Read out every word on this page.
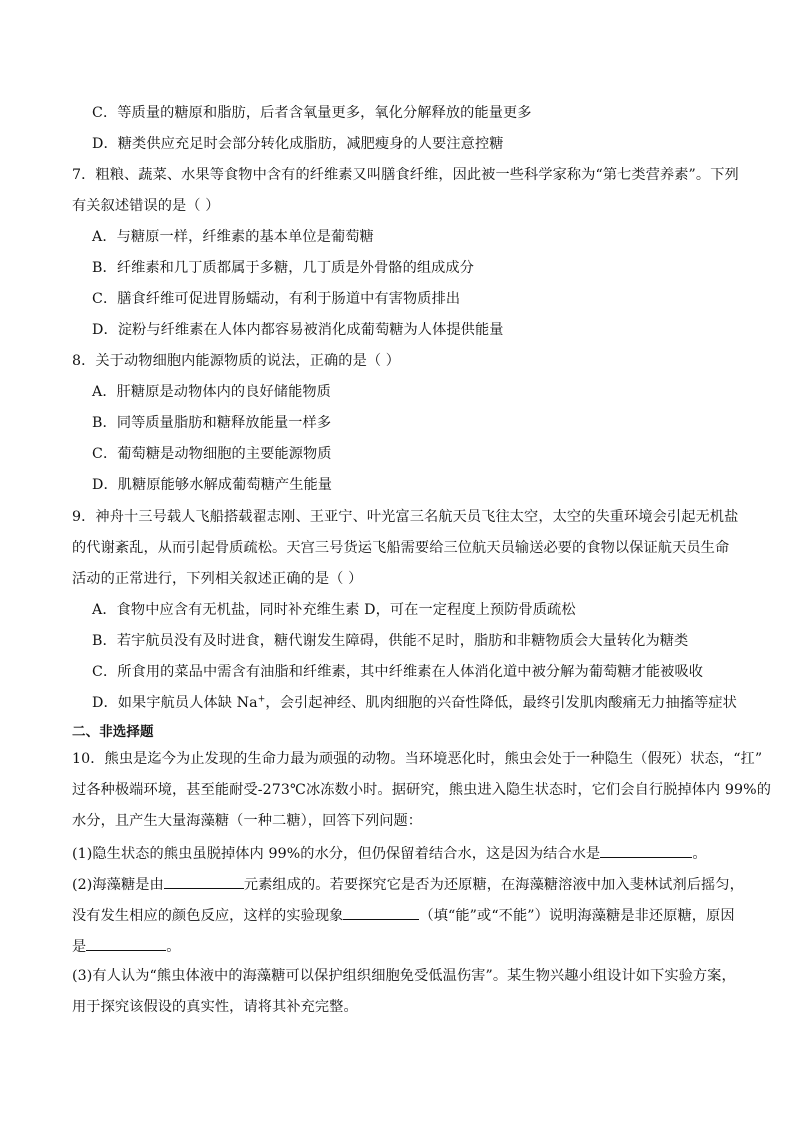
C．等质量的糖原和脂肪，后者含氧量更多，氧化分解释放的能量更多
D．糖类供应充足时会部分转化成脂肪，减肥瘦身的人要注意控糖
7．粗粮、蔬菜、水果等食物中含有的纤维素又叫膳食纤维，因此被一些科学家称为“第七类营养素”。下列
有关叙述错误的是（ ）
A．与糖原一样，纤维素的基本单位是葡萄糖
B．纤维素和几丁质都属于多糖，几丁质是外骨骼的组成成分
C．膳食纤维可促进胃肠蠕动，有利于肠道中有害物质排出
D．淀粉与纤维素在人体内都容易被消化成葡萄糖为人体提供能量
8．关于动物细胞内能源物质的说法，正确的是（ ）
A．肝糖原是动物体内的良好储能物质
B．同等质量脂肪和糖释放能量一样多
C．葡萄糖是动物细胞的主要能源物质
D．肌糖原能够水解成葡萄糖产生能量
9．神舟十三号载人飞船搭载翟志刚、王亚宁、叶光富三名航天员飞往太空，太空的失重环境会引起无机盐
的代谢紊乱，从而引起骨质疏松。天宫三号货运飞船需要给三位航天员输送必要的食物以保证航天员生命
活动的正常进行，下列相关叙述正确的是（ ）
A．食物中应含有无机盐，同时补充维生素 D，可在一定程度上预防骨质疏松
B．若宇航员没有及时进食，糖代谢发生障碍，供能不足时，脂肪和非糖物质会大量转化为糖类
C．所食用的菜品中需含有油脂和纤维素，其中纤维素在人体消化道中被分解为葡萄糖才能被吸收
D．如果宇航员人体缺 Na+，会引起神经、肌肉细胞的兴奋性降低，最终引发肌肉酸痛无力抽搐等症状
二、非选择题
10．熊虫是迄今为止发现的生命力最为顽强的动物。当环境恶化时，熊虫会处于一种隐生（假死）状态，“扛”
过各种极端环境，甚至能耐受-273℃冰冻数小时。据研究，熊虫进入隐生状态时，它们会自行脱掉体内 99%的
水分，且产生大量海藻糖（一种二糖），回答下列问题：
(1)隐生状态的熊虫虽脱掉体内 99%的水分，但仍保留着结合水，这是因为结合水是	。
(2)海藻糖是由	元素组成的。若要探究它是否为还原糖，在海藻糖溶液中加入斐林试剂后摇匀，
没有发生相应的颜色反应，这样的实验现象	（填“能”或“不能”）说明海藻糖是非还原糖，原因
是	。
(3)有人认为“熊虫体液中的海藻糖可以保护组织细胞免受低温伤害”。某生物兴趣小组设计如下实验方案，
用于探究该假设的真实性，请将其补充完整。
